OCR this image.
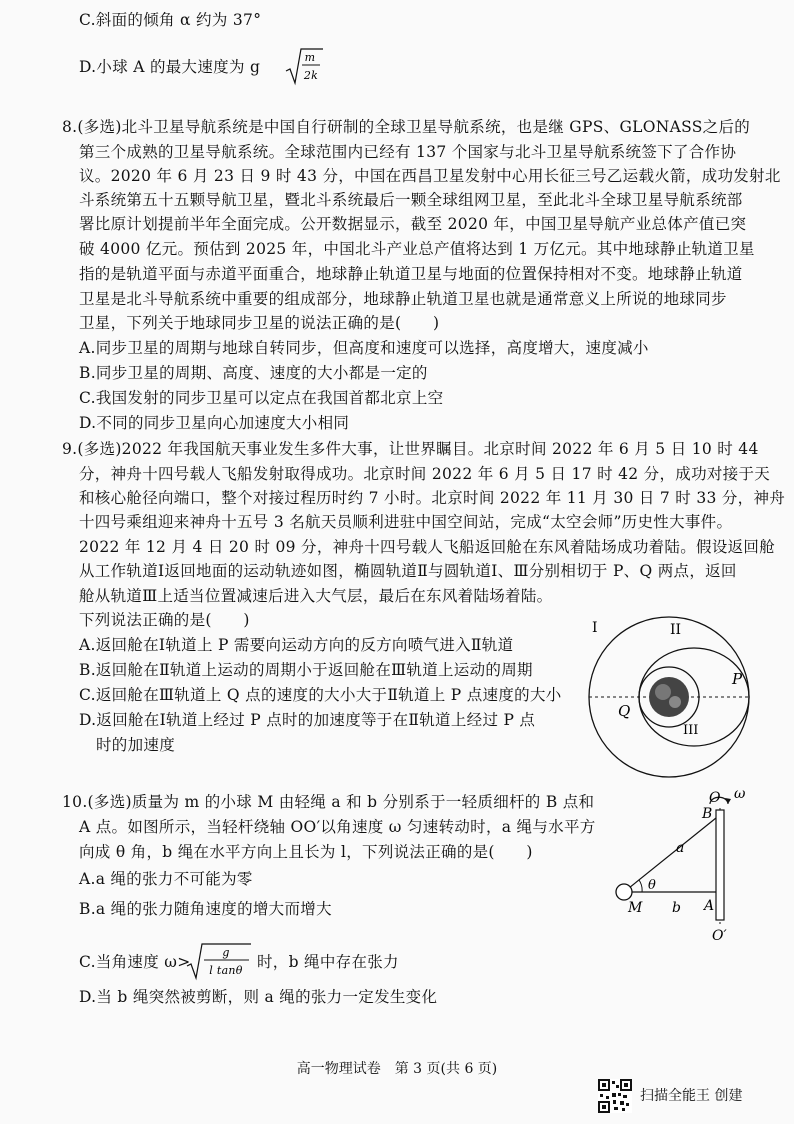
C.斜面的倾角 α 约为 37°
D.小球 A 的最大速度为 g
m
2k
8.(多选)北斗卫星导航系统是中国自行研制的全球卫星导航系统，也是继 GPS、GLONASS之后的
第三个成熟的卫星导航系统。全球范围内已经有 137 个国家与北斗卫星导航系统签下了合作协
议。2020 年 6 月 23 日 9 时 43 分，中国在西昌卫星发射中心用长征三号乙运载火箭，成功发射北
斗系统第五十五颗导航卫星，暨北斗系统最后一颗全球组网卫星，至此北斗全球卫星导航系统部
署比原计划提前半年全面完成。公开数据显示，截至 2020 年，中国卫星导航产业总体产值已突
破 4000 亿元。预估到 2025 年，中国北斗产业总产值将达到 1 万亿元。其中地球静止轨道卫星
指的是轨道平面与赤道平面重合，地球静止轨道卫星与地面的位置保持相对不变。地球静止轨道
卫星是北斗导航系统中重要的组成部分，地球静止轨道卫星也就是通常意义上所说的地球同步
卫星，下列关于地球同步卫星的说法正确的是(　　)
A.同步卫星的周期与地球自转同步，但高度和速度可以选择，高度增大，速度减小
B.同步卫星的周期、高度、速度的大小都是一定的
C.我国发射的同步卫星可以定点在我国首都北京上空
D.不同的同步卫星向心加速度大小相同
9.(多选)2022 年我国航天事业发生多件大事，让世界瞩目。北京时间 2022 年 6 月 5 日 10 时 44
分，神舟十四号载人飞船发射取得成功。北京时间 2022 年 6 月 5 日 17 时 42 分，成功对接于天
和核心舱径向端口，整个对接过程历时约 7 小时。北京时间 2022 年 11 月 30 日 7 时 33 分，神舟
十四号乘组迎来神舟十五号 3 名航天员顺利进驻中国空间站，完成“太空会师”历史性大事件。
2022 年 12 月 4 日 20 时 09 分，神舟十四号载人飞船返回舱在东风着陆场成功着陆。假设返回舱
从工作轨道Ⅰ返回地面的运动轨迹如图，椭圆轨道Ⅱ与圆轨道Ⅰ、Ⅲ分别相切于 P、Q 两点，返回
舱从轨道Ⅲ上适当位置减速后进入大气层，最后在东风着陆场着陆。
下列说法正确的是(　　)
A.返回舱在Ⅰ轨道上 P 需要向运动方向的反方向喷气进入Ⅱ轨道
B.返回舱在Ⅱ轨道上运动的周期小于返回舱在Ⅲ轨道上运动的周期
C.返回舱在Ⅲ轨道上 Q 点的速度的大小大于Ⅱ轨道上 P 点速度的大小
D.返回舱在Ⅰ轨道上经过 P 点时的加速度等于在Ⅱ轨道上经过 P 点
时的加速度
I	II
III
Q
P
10.(多选)质量为 m 的小球 M 由轻绳 a 和 b 分别系于一轻质细杆的 B 点和
A 点。如图所示，当轻杆绕轴 OO′以角速度 ω 匀速转动时，a 绳与水平方
向成 θ 角，b 绳在水平方向上且长为 l，下列说法正确的是(　　)
A.a 绳的张力不可能为零
B.a 绳的张力随角速度的增大而增大
C.当角速度 ω>
g
l tanθ 时，b 绳中存在张力
D.当 b 绳突然被剪断，则 a 绳的张力一定发生变化
O ω
B
a
θ
M b A
O′
高一物理试卷　第 3 页(共 6 页)
扫描全能王 创建
